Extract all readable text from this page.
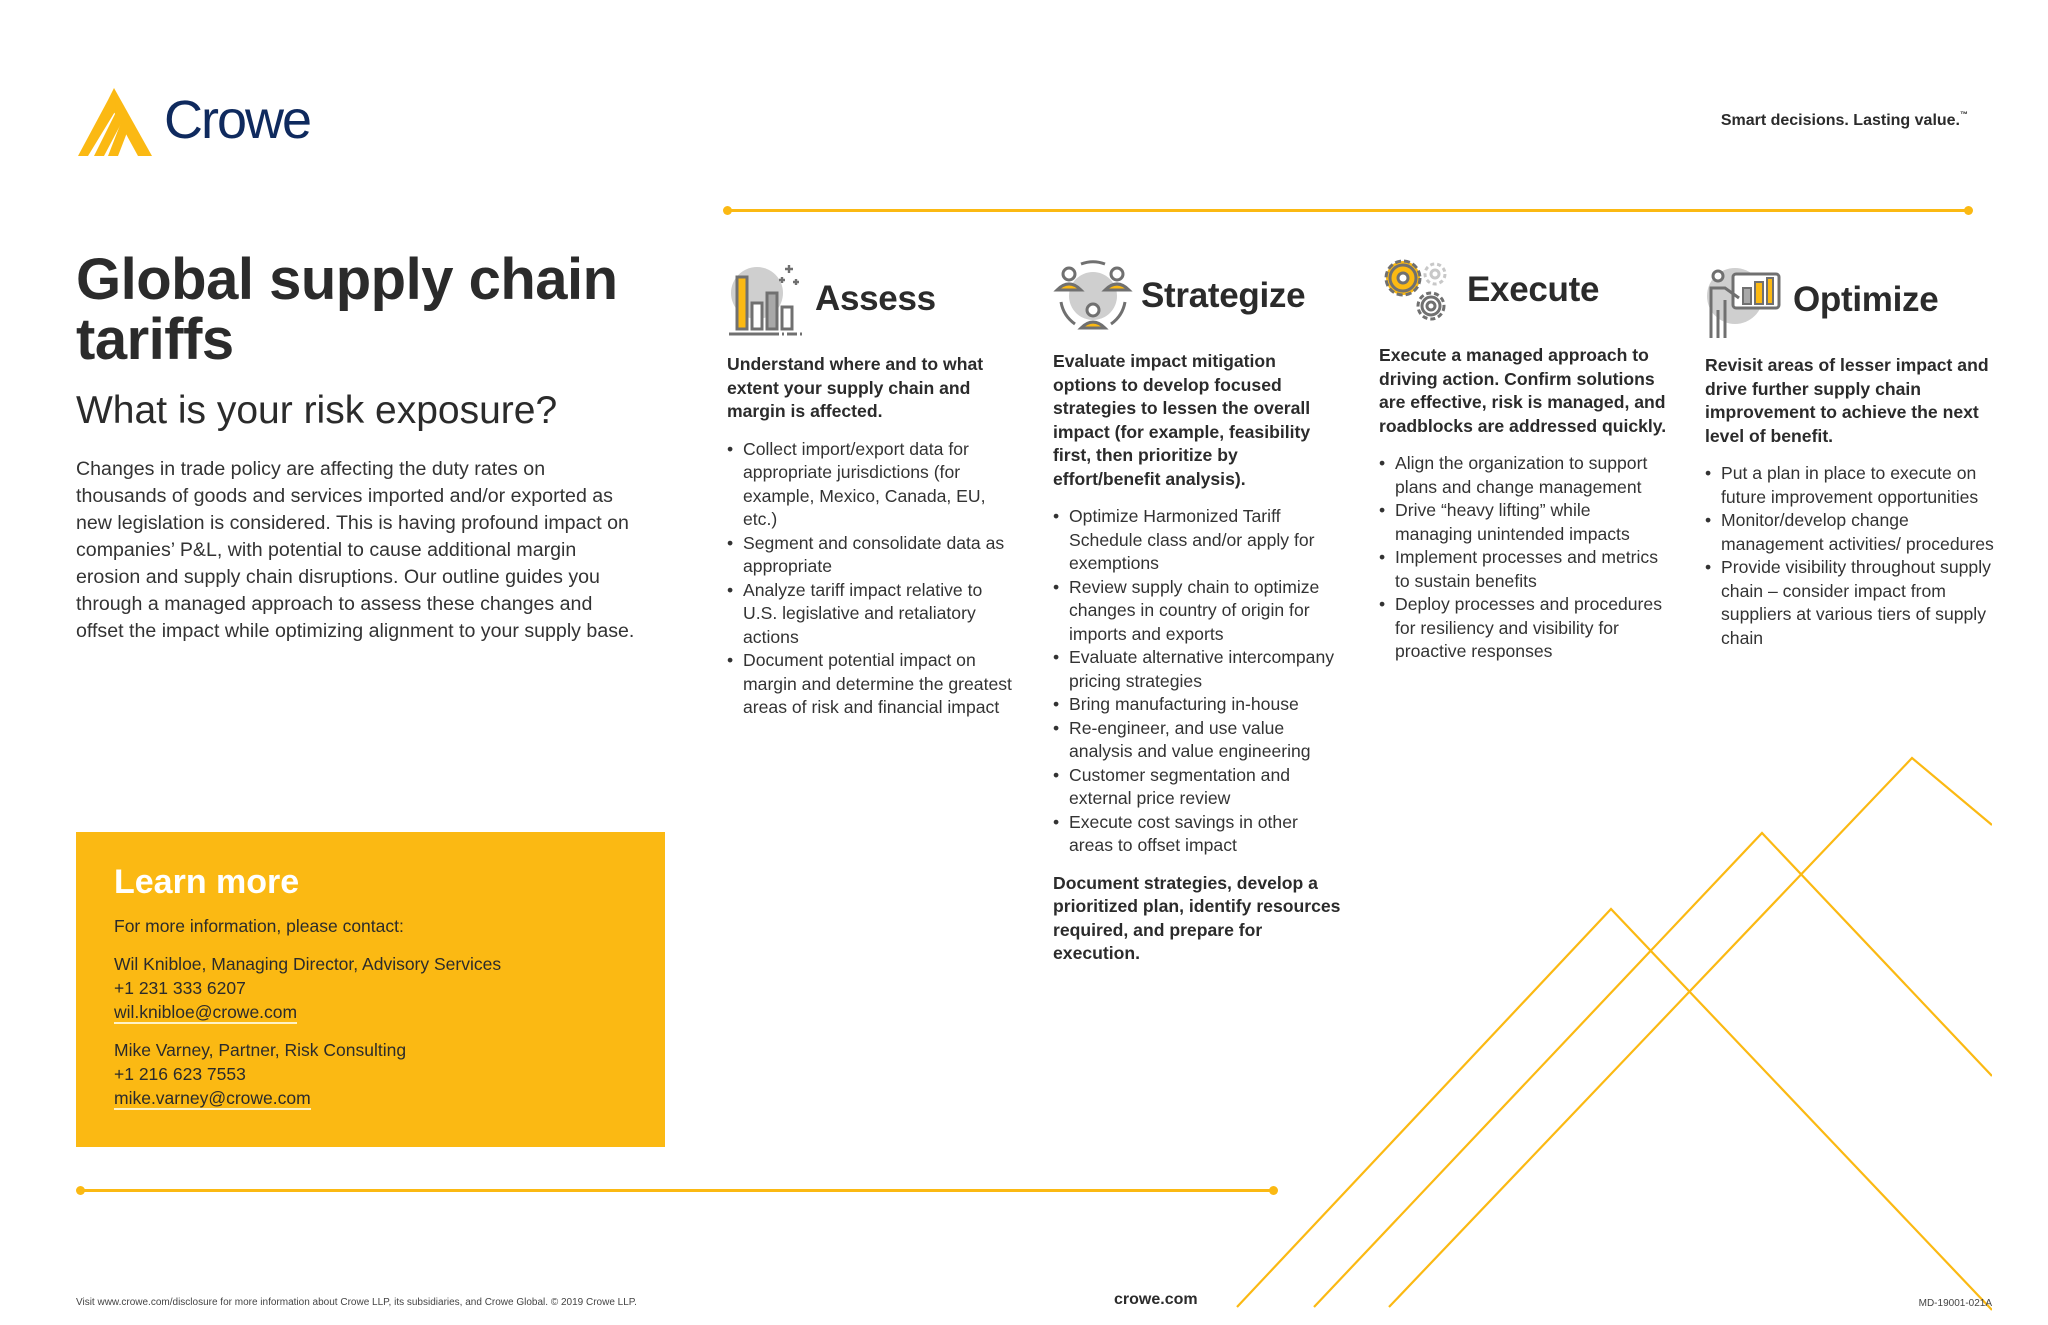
Crowe	Smart decisions. Lasting value.™
Global supply chain tariffs
What is your risk exposure?

Changes in trade policy are affecting the duty rates on thousands of goods and services imported and/or exported as new legislation is considered. This is having profound impact on companies’ P&L, with potential to cause additional margin erosion and supply chain disruptions. Our outline guides you through a managed approach to assess these changes and offset the impact while optimizing alignment to your supply base.

Learn more
For more information, please contact:
Wil Knibloe, Managing Director, Advisory Services
+1 231 333 6207
wil.knibloe@crowe.com
Mike Varney, Partner, Risk Consulting
+1 216 623 7553
mike.varney@crowe.com
Assess
Understand where and to what extent your supply chain and margin is affected.
• Collect import/export data for appropriate jurisdictions (for example, Mexico, Canada, EU, etc.)
• Segment and consolidate data as appropriate
• Analyze tariff impact relative to U.S. legislative and retaliatory actions
• Document potential impact on margin and determine the greatest areas of risk and financial impact
Strategize
Evaluate impact mitigation options to develop focused strategies to lessen the overall impact (for example, feasibility first, then prioritize by effort/benefit analysis).
• Optimize Harmonized Tariff Schedule class and/or apply for exemptions
• Review supply chain to optimize changes in country of origin for imports and exports
• Evaluate alternative intercompany pricing strategies
• Bring manufacturing in-house
• Re-engineer, and use value analysis and value engineering
• Customer segmentation and external price review
• Execute cost savings in other areas to offset impact
Document strategies, develop a prioritized plan, identify resources required, and prepare for execution.
Execute
Execute a managed approach to driving action. Confirm solutions are effective, risk is managed, and roadblocks are addressed quickly.
• Align the organization to support plans and change management
• Drive “heavy lifting” while managing unintended impacts
• Implement processes and metrics to sustain benefits
• Deploy processes and procedures for resiliency and visibility for proactive responses
Optimize
Revisit areas of lesser impact and drive further supply chain improvement to achieve the next level of benefit.
• Put a plan in place to execute on future improvement opportunities
• Monitor/develop change management activities/ procedures
• Provide visibility throughout supply chain – consider impact from suppliers at various tiers of supply chain
Visit www.crowe.com/disclosure for more information about Crowe LLP, its subsidiaries, and Crowe Global. © 2019 Crowe LLP.	crowe.com	MD-19001-021A
